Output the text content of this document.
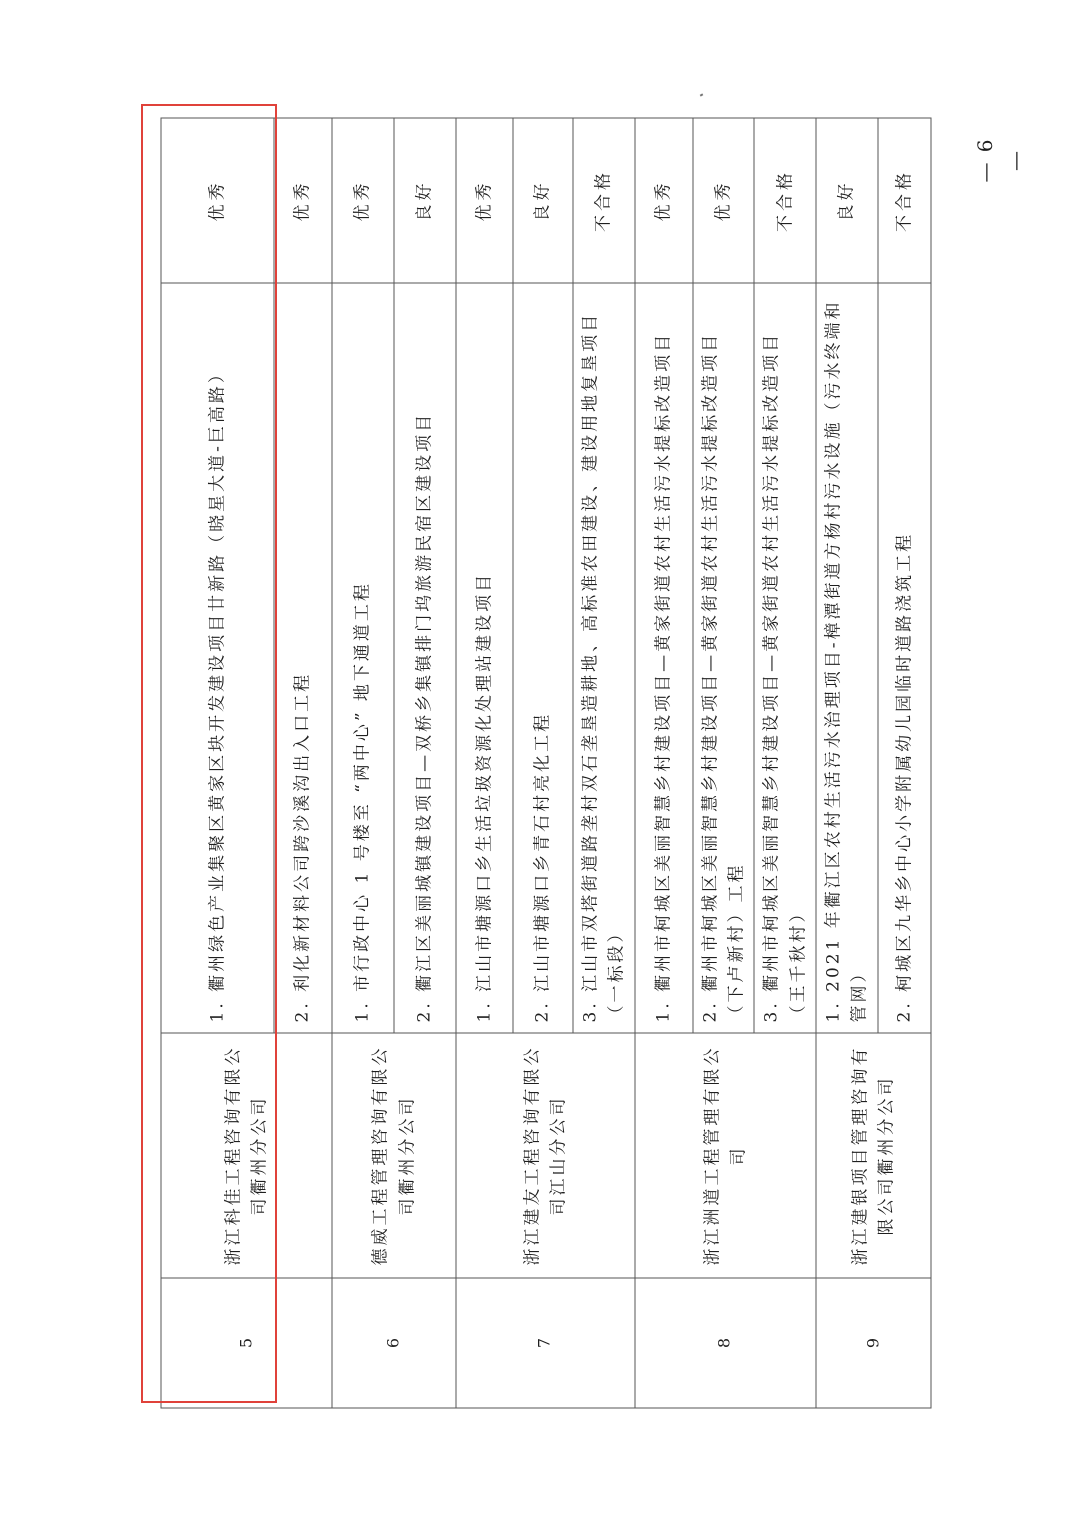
5	浙江科佳工程咨询有限公司衢州分公司	1. 衢州绿色产业集聚区黄家区块开发建设项目廿新路（晓星大道-巨高路）	优秀
		2. 利化新材料公司跨沙溪沟出入口工程	优秀
6	德威工程管理咨询有限公司衢州分公司	1. 市行政中心 1 号楼至 “两中心” 地下通道工程	优秀
		2. 衢江区美丽城镇建设项目—双桥乡集镇排门坞旅游民宿区建设项目	良好
7	浙江建友工程咨询有限公司江山分公司	1. 江山市塘源口乡生活垃圾资源化处理站建设项目	优秀
		2. 江山市塘源口乡青石村亮化工程	良好
		3. 江山市双塔街道路垄村双石垄垦造耕地、高标准农田建设、建设用地复垦项目（一标段）	不合格
8	浙江洲道工程管理有限公司	1. 衢州市柯城区美丽智慧乡村建设项目—黄家街道农村生活污水提标改造项目	优秀
		2. 衢州市柯城区美丽智慧乡村建设项目—黄家街道农村生活污水提标改造项目（下卢新村）工程	优秀
		3. 衢州市柯城区美丽智慧乡村建设项目—黄家街道农村生活污水提标改造项目（王千秋村）	不合格
9	浙江建银项目管理咨询有限公司衢州分公司	1. 2021 年衢江区农村生活污水治理项目-樟潭街道方杨村污水设施（污水终端和管网）	良好
		2. 柯城区九华乡中心小学附属幼儿园临时道路浇筑工程	不合格
— 6 —
